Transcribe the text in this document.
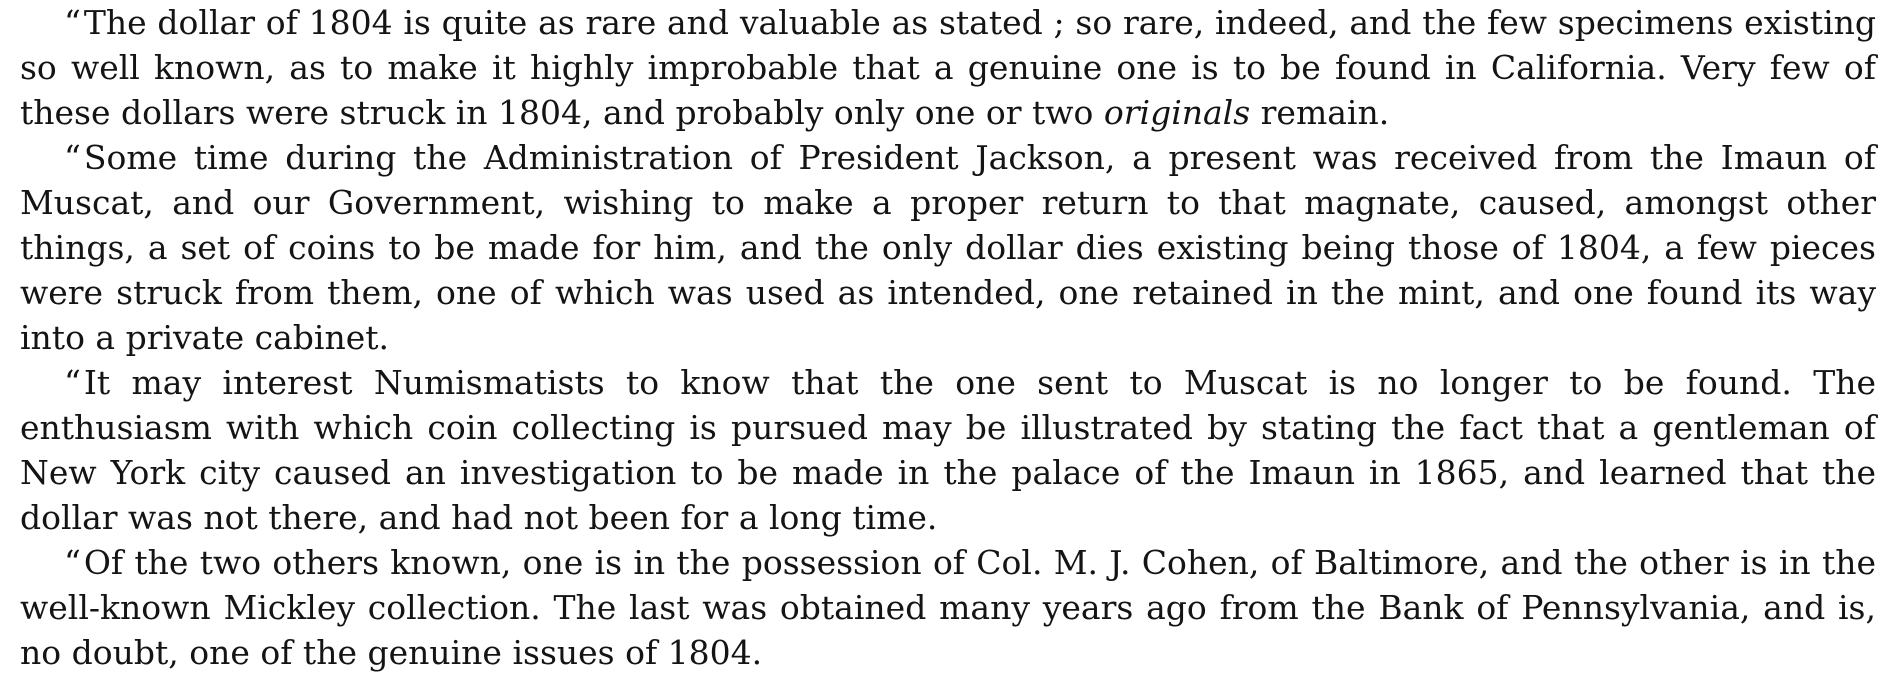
“ The dollar of 1804 is quite as rare and valuable as stated ; so rare, indeed, and the few specimens existing so well known, as to make it highly improbable that a genuine one is to be found in California. Very few of these dollars were struck in 1804, and probably only one or two originals remain.

“ Some time during the Administration of President Jackson, a present was received from the Imaun of Muscat, and our Government, wishing to make a proper return to that magnate, caused, amongst other things, a set of coins to be made for him, and the only dollar dies existing being those of 1804, a few pieces were struck from them, one of which was used as intended, one retained in the mint, and one found its way into a private cabinet.

“ It may interest Numismatists to know that the one sent to Muscat is no longer to be found. The enthusiasm with which coin collecting is pursued may be illustrated by stating the fact that a gentleman of New York city caused an investigation to be made in the palace of the Imaun in 1865, and learned that the dollar was not there, and had not been for a long time.

“ Of the two others known, one is in the possession of Col. M. J. Cohen, of Baltimore, and the other is in the well-known Mickley collection. The last was obtained many years ago from the Bank of Pennsylvania, and is, no doubt, one of the genuine issues of 1804.
